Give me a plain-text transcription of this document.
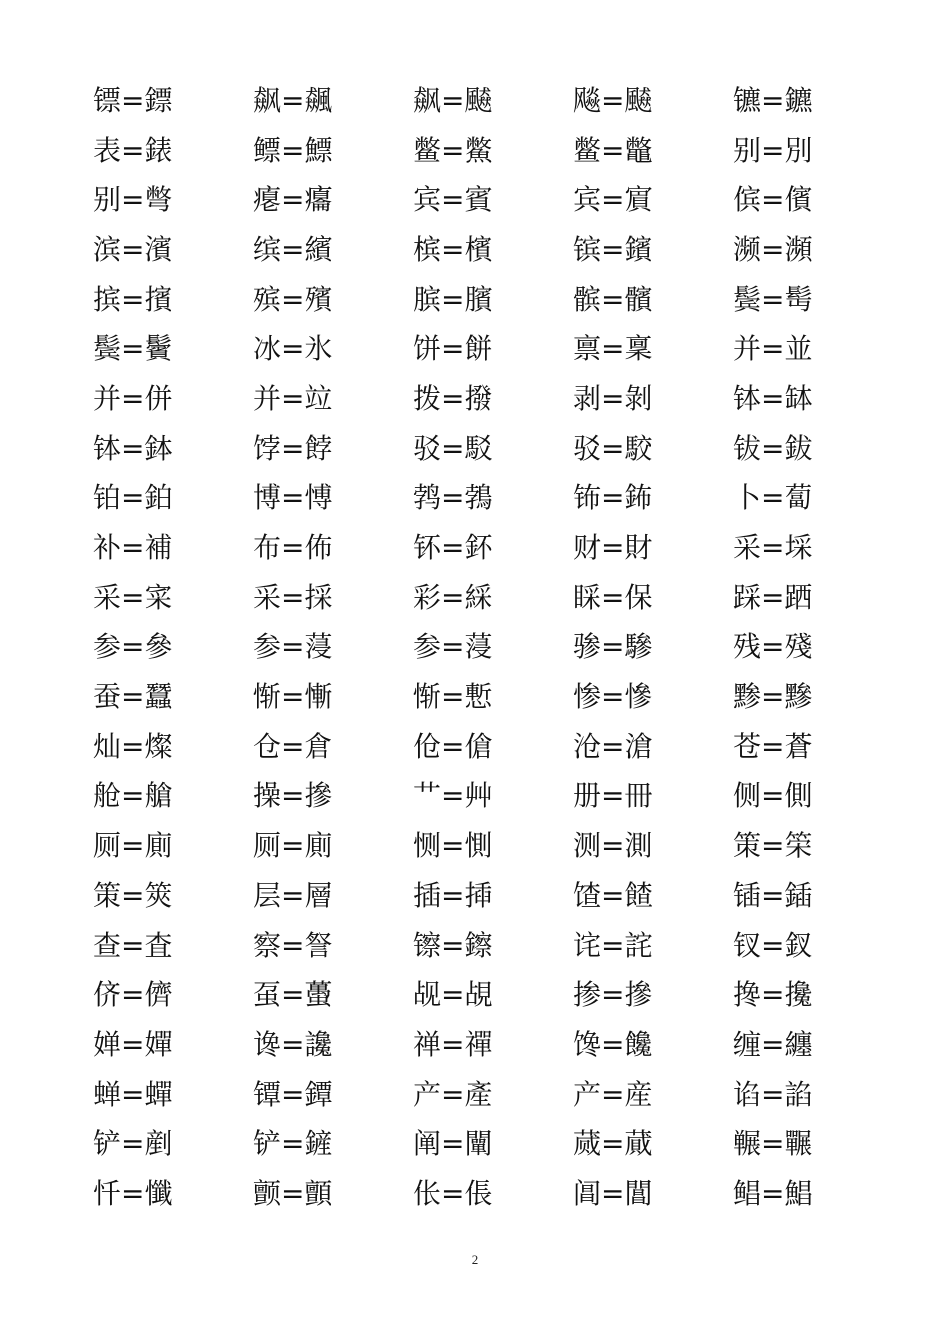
镖=鏢	飙=飆	飙=飇	飚=飇	镳=鑣
表=錶	鳔=鰾	鳖=鱉	鳖=鼈	别=別
别=彆	瘪=癟	宾=賓	宾=賔	傧=儐
滨=濱	缤=繽	槟=檳	镔=鑌	濒=瀕
摈=擯	殡=殯	膑=臏	髌=髕	鬓=髩
鬓=鬢	冰=氷	饼=餅	禀=稟	并=並
并=併	并=竝	拨=撥	剥=剝	钵=缽
钵=鉢	饽=餑	驳=駁	驳=駮	钹=鈸
铂=鉑	博=愽	鹁=鵓	钸=鈽	卜=蔔
补=補	布=佈	钚=鈈	财=財	采=埰
采=寀	采=採	彩=綵	睬=保	踩=跴
参=參	参=蓡	参=蓡	骖=驂	残=殘
蚕=蠶	惭=慚	惭=慙	惨=慘	黪=黲
灿=燦	仓=倉	伧=傖	沧=滄	苍=蒼
舱=艙	操=摻	艹=艸	册=冊	侧=側
厕=廁	厕=廁	恻=惻	测=測	策=筞
策=筴	层=層	插=揷	馇=餷	锸=鍤
查=査	察=詧	镲=鑔	诧=詫	钗=釵
侪=儕	虿=蠆	觇=覘	掺=摻	搀=攙
婵=嬋	谗=讒	禅=禪	馋=饞	缠=纏
蝉=蟬	镡=鐔	产=產	产=産	谄=諂
铲=剷	铲=鏟	阐=闡	蒇=蕆	冁=囅
忏=懺	颤=顫	伥=倀	阊=閶	鲳=鯧
2
